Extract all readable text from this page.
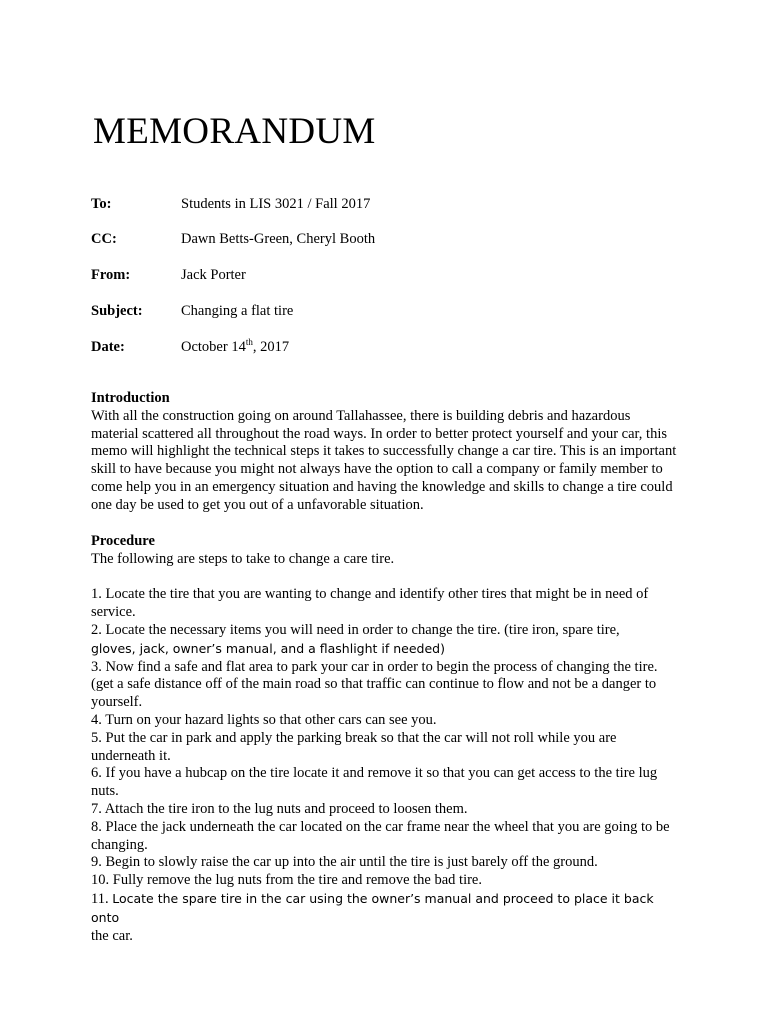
MEMORANDUM
To:	Students in LIS 3021 / Fall 2017
CC:	Dawn Betts-Green, Cheryl Booth
From:	Jack Porter
Subject:	Changing a flat tire
Date:	October 14th, 2017

Introduction

With all the construction going on around Tallahassee, there is building debris and hazardous material scattered all throughout the road ways. In order to better protect yourself and your car, this memo will highlight the technical steps it takes to successfully change a car tire. This is an important skill to have because you might not always have the option to call a company or family member to come help you in an emergency situation and having the knowledge and skills to change a tire could one day be used to get you out of a unfavorable situation.

Procedure

The following are steps to take to change a care tire.

1. Locate the tire that you are wanting to change and identify other tires that might be in need of service.
2. Locate the necessary items you will need in order to change the tire. (tire iron, spare tire,
gloves, jack, owner’s manual, and a flashlight if needed)
3. Now find a safe and flat area to park your car in order to begin the process of changing the tire. (get a safe distance off of the main road so that traffic can continue to flow and not be a danger to yourself.
4. Turn on your hazard lights so that other cars can see you.
5. Put the car in park and apply the parking break so that the car will not roll while you are underneath it.
6. If you have a hubcap on the tire locate it and remove it so that you can get access to the tire lug nuts.
7. Attach the tire iron to the lug nuts and proceed to loosen them.
8. Place the jack underneath the car located on the car frame near the wheel that you are going to be changing.
9. Begin to slowly raise the car up into the air until the tire is just barely off the ground.
10. Fully remove the lug nuts from the tire and remove the bad tire.
11. Locate the spare tire in the car using the owner’s manual and proceed to place it back onto
the car.
